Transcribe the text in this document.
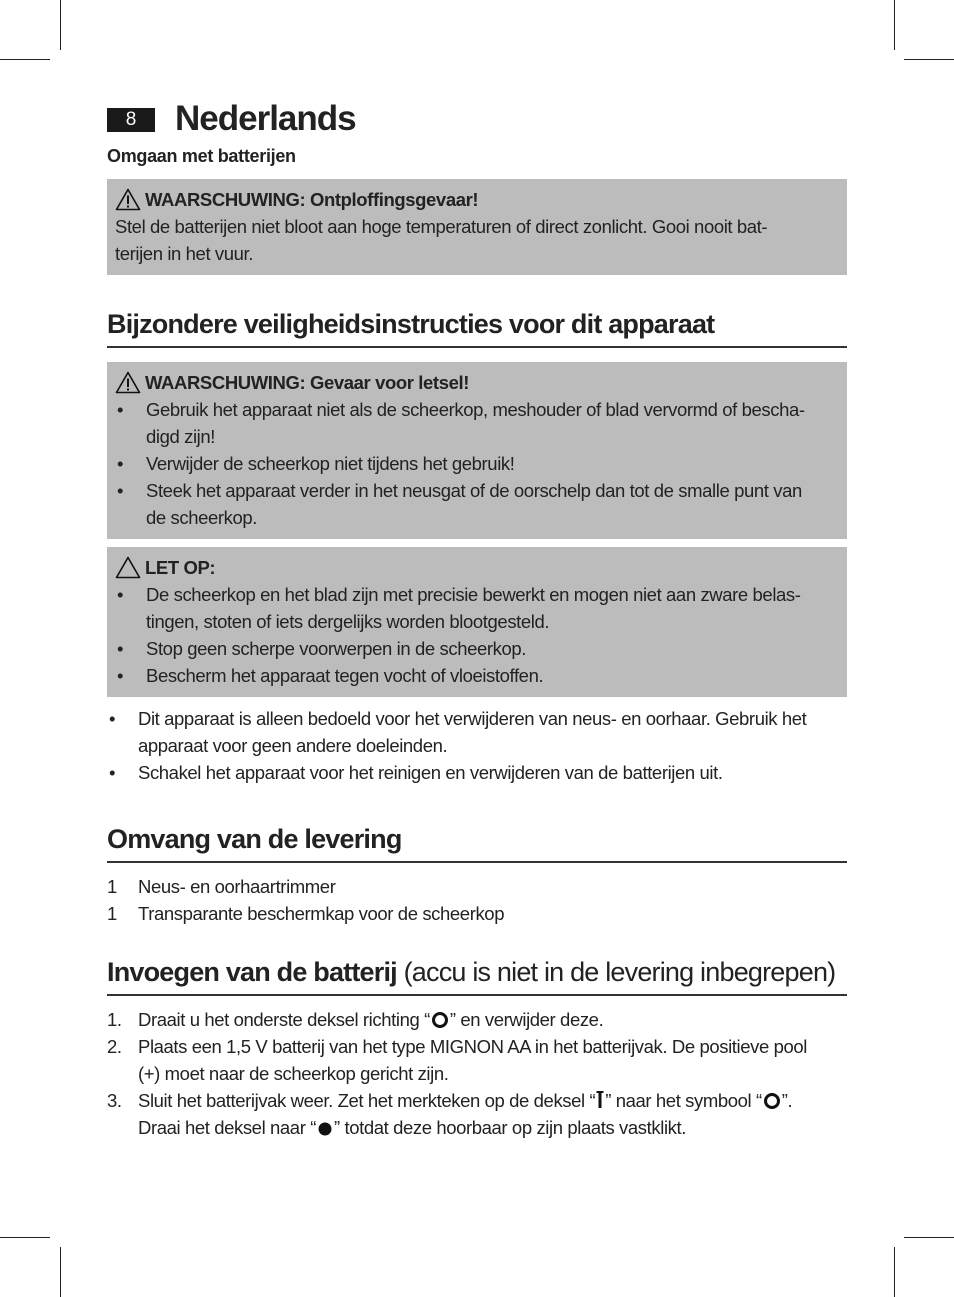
8	Nederlands
Omgaan met batterijen
WAARSCHUWING: Ontploffingsgevaar!
Stel de batterijen niet bloot aan hoge temperaturen of direct zonlicht. Gooi nooit bat-
terijen in het vuur.
Bijzondere veiligheidsinstructies voor dit apparaat
WAARSCHUWING: Gevaar voor letsel!
• Gebruik het apparaat niet als de scheerkop, meshouder of blad vervormd of bescha-
digd zijn!
• Verwijder de scheerkop niet tijdens het gebruik!
• Steek het apparaat verder in het neusgat of de oorschelp dan tot de smalle punt van
de scheerkop.
LET OP:
• De scheerkop en het blad zijn met precisie bewerkt en mogen niet aan zware belas-
tingen, stoten of iets dergelijks worden blootgesteld.
• Stop geen scherpe voorwerpen in de scheerkop.
• Bescherm het apparaat tegen vocht of vloeistoffen.
• Dit apparaat is alleen bedoeld voor het verwijderen van neus- en oorhaar. Gebruik het
apparaat voor geen andere doeleinden.
• Schakel het apparaat voor het reinigen en verwijderen van de batterijen uit.
Omvang van de levering
1 Neus- en oorhaartrimmer
1 Transparante beschermkap voor de scheerkop
Invoegen van de batterij (accu is niet in de levering inbegrepen)
1. Draait u het onderste deksel richting “ ” en verwijder deze.
2. Plaats een 1,5 V batterij van het type MIGNON AA in het batterijvak. De positieve pool
(+) moet naar de scheerkop gericht zijn.
3. Sluit het batterijvak weer. Zet het merkteken op de deksel “ ” naar het symbool “ ”.
Draai het deksel naar “ ” totdat deze hoorbaar op zijn plaats vastklikt.
